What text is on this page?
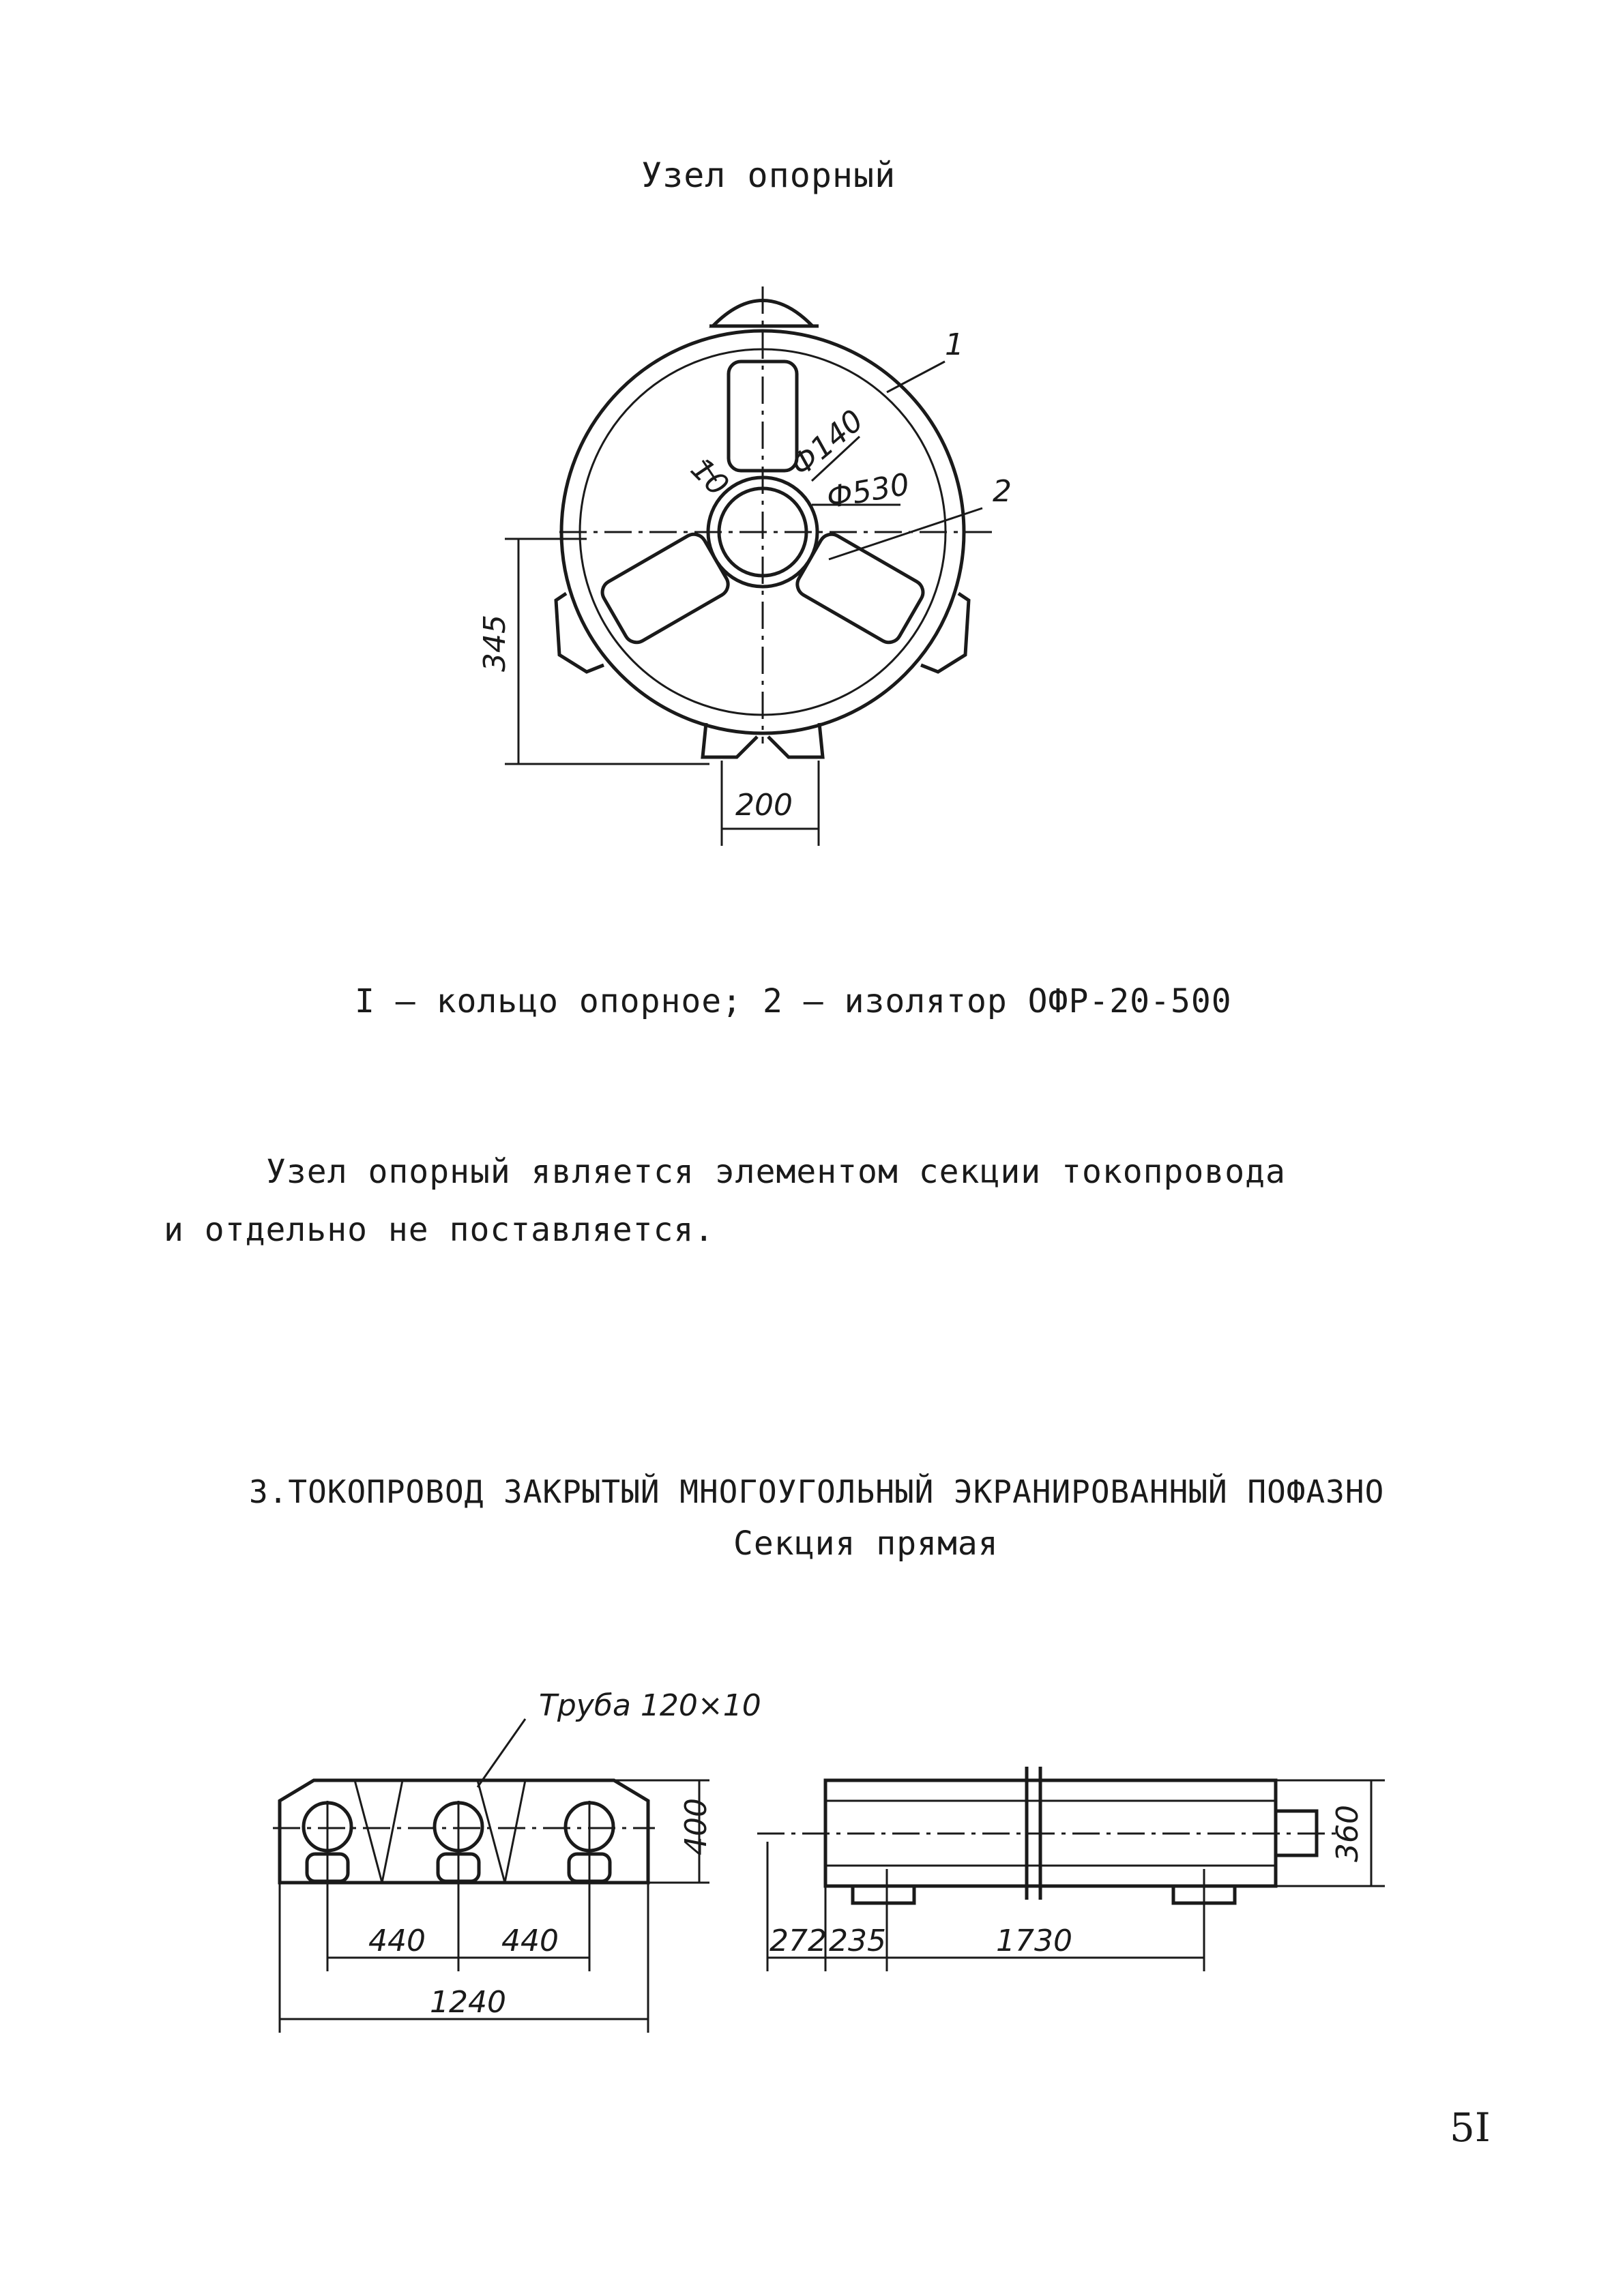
Узел опорный
I – кольцо опорное; 2 – изолятор ОФР-20-500
Узел опорный является элементом секции токопровода
и отдельно не поставляется.
3.ТОКОПРОВОД ЗАКРЫТЫЙ МНОГОУГОЛЬНЫЙ ЭКРАНИРОВАННЫЙ ПОФАЗНО
Секция прямая
5I
1
2
Ф140
Ф530
10
345
200
Труба 120×10
400
440	440
1240
272 235	1730
360
